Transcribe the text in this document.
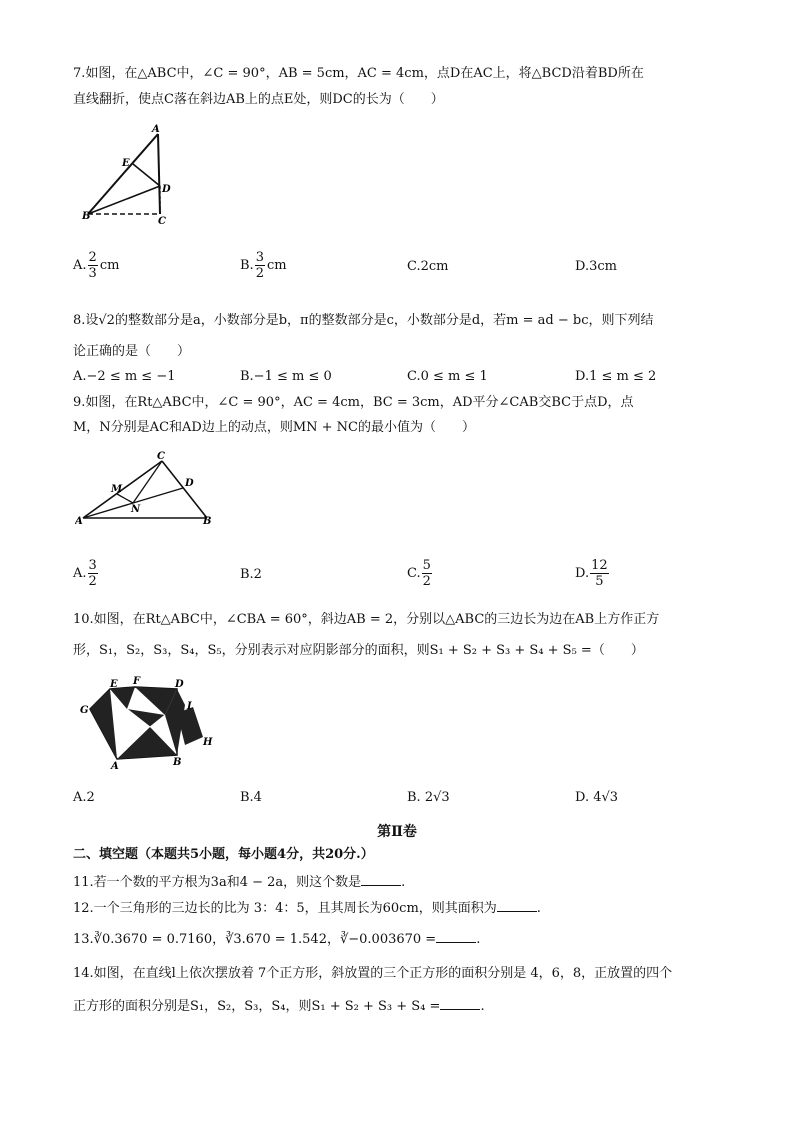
7.如图，在△ABC中，∠C = 90°，AB = 5cm，AC = 4cm，点D在AC上，将△BCD沿着BD所在
直线翻折，使点C落在斜边AB上的点E处，则DC的长为（　　）
A
E
D
B	C
A. $\frac{2}{3}$ cm	B. $\frac{3}{2}$ cm	C.2cm	D.3cm
8.设√2的整数部分是a，小数部分是b，π的整数部分是c，小数部分是d，若m = ad − bc，则下列结
论正确的是（　　）
A.−2 ≤ m ≤ −1	B.−1 ≤ m ≤ 0	C.0 ≤ m ≤ 1	D.1 ≤ m ≤ 2
9.如图，在Rt△ABC中，∠C = 90°，AC = 4cm，BC = 3cm，AD平分∠CAB交BC于点D，点
M，N分别是AC和AD边上的动点，则MN + NC的最小值为（　　）
C
M
D
N
A	B
A. $\frac{3}{2}$	B.2	C. $\frac{5}{2}$	D. $\frac{12}{5}$
10.如图，在Rt△ABC中，∠CBA = 60°，斜边AB = 2，分别以△ABC的三边长为边在AB上方作正方
形，S₁，S₂，S₃，S₄，S₅，分别表示对应阴影部分的面积，则S₁ + S₂ + S₃ + S₄ + S₅ =（　　）
E F	D
G	I
H
A	B
A.2	B.4	B. 2√3	D. 4√3
第Ⅱ卷
二、填空题（本题共5小题，每小题4分，共20分.）
11.若一个数的平方根为3a和4 − 2a，则这个数是	.
12.一个三角形的三边长的比为 3：4：5，且其周长为60cm，则其面积为	.
13.∛0.3670 = 0.7160，∛3.670 = 1.542，∛−0.003670 =	.
14.如图，在直线l上依次摆放着 7个正方形，斜放置的三个正方形的面积分别是 4，6，8，正放置的四个
正方形的面积分别是S₁，S₂，S₃，S₄，则S₁ + S₂ + S₃ + S₄ =	.
